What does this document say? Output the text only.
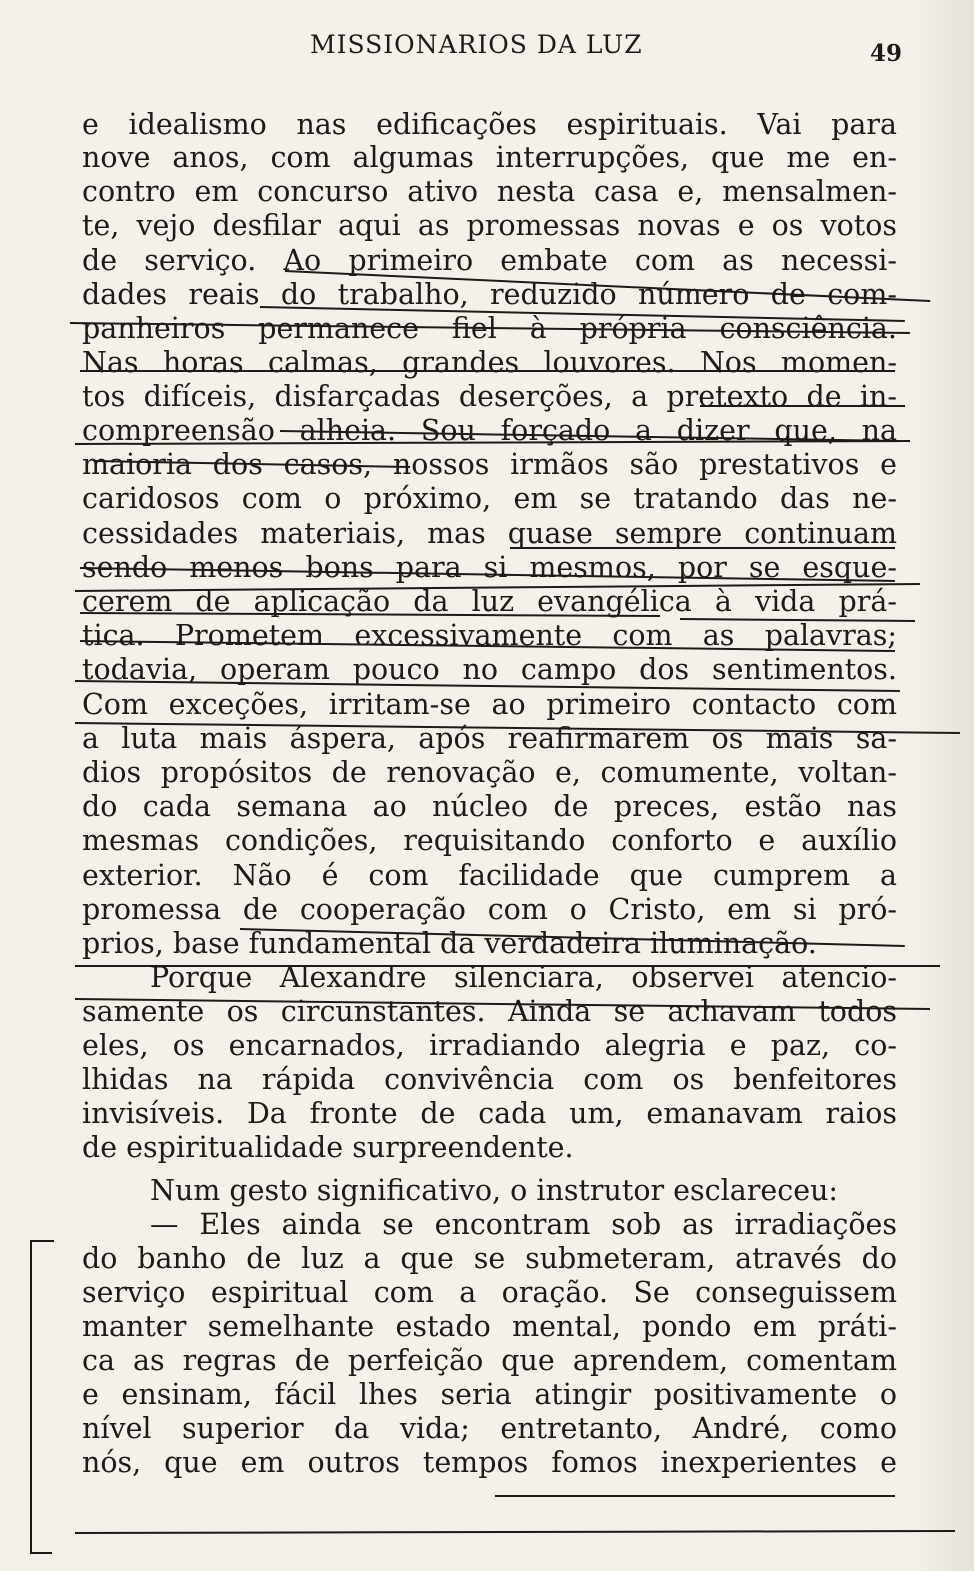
MISSIONARIOS DA LUZ	49
e idealismo nas edificações espirituais. Vai para
nove anos, com algumas interrupções, que me en-
contro em concurso ativo nesta casa e, mensalmen-
te, vejo desfilar aqui as promessas novas e os votos
de serviço. Ao primeiro embate com as necessi-
dades reais do trabalho, reduzido número de com-
panheiros permanece fiel à própria consciência.
Nas horas calmas, grandes louvores. Nos momen-
tos difíceis, disfarçadas deserções, a pretexto de in-
compreensão alheia. Sou forçado a dizer que, na
maioria dos casos, nossos irmãos são prestativos e
caridosos com o próximo, em se tratando das ne-
cessidades materiais, mas quase sempre continuam
sendo menos bons para si mesmos, por se esque-
cerem de aplicação da luz evangélica à vida prá-
tica. Prometem excessivamente com as palavras;
todavia, operam pouco no campo dos sentimentos.
Com exceções, irritam-se ao primeiro contacto com
a luta mais áspera, após reafirmarem os mais sa-
dios propósitos de renovação e, comumente, voltan-
do cada semana ao núcleo de preces, estão nas
mesmas condições, requisitando conforto e auxílio
exterior. Não é com facilidade que cumprem a
promessa de cooperação com o Cristo, em si pró-
prios, base fundamental da verdadeira iluminação.
Porque Alexandre silenciara, observei atencio-
samente os circunstantes. Ainda se achavam todos
eles, os encarnados, irradiando alegria e paz, co-
lhidas na rápida convivência com os benfeitores
invisíveis. Da fronte de cada um, emanavam raios
de espiritualidade surpreendente.
Num gesto significativo, o instrutor esclareceu:
— Eles ainda se encontram sob as irradiações
do banho de luz a que se submeteram, através do
serviço espiritual com a oração. Se conseguissem
manter semelhante estado mental, pondo em práti-
ca as regras de perfeição que aprendem, comentam
e ensinam, fácil lhes seria atingir positivamente o
nível superior da vida; entretanto, André, como
nós, que em outros tempos fomos inexperientes e
